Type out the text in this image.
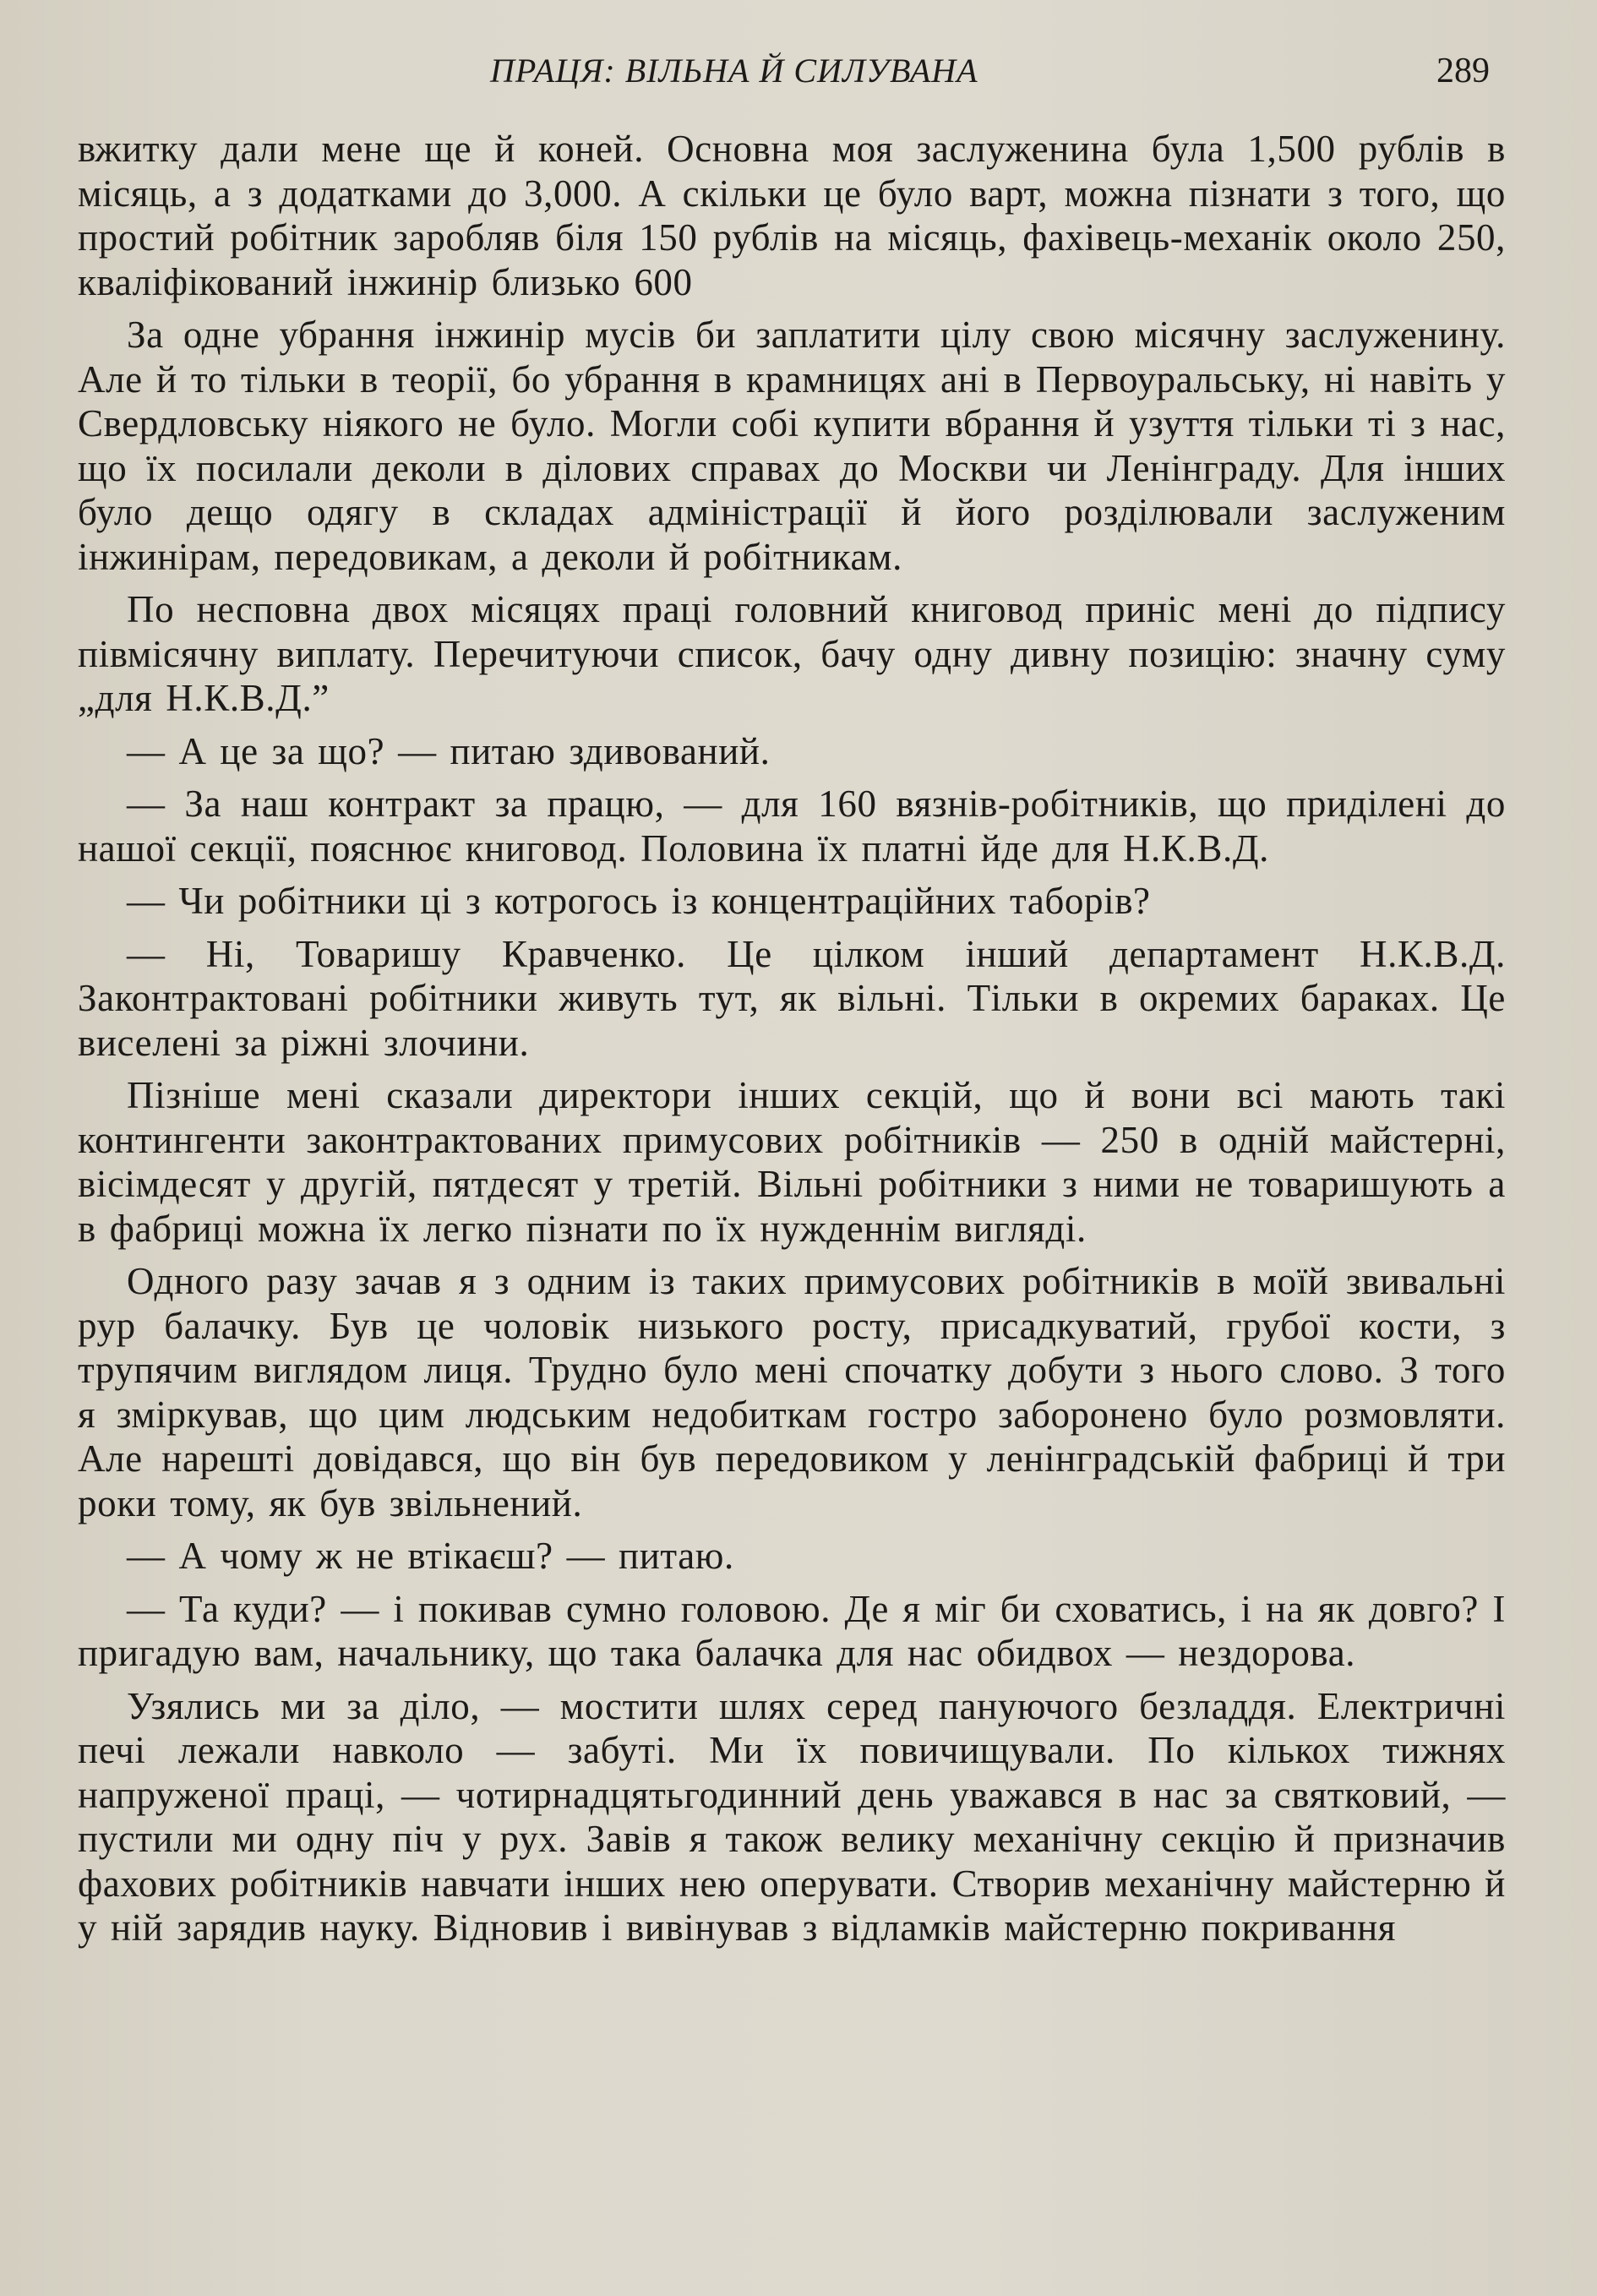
ПРАЦЯ: ВІЛЬНА Й СИЛУВАНА	289

вжитку дали мене ще й коней. Основна моя заслуженина була 1,500 рублів в місяць, а з додатками до 3,000. А скільки це було варт, можна пізнати з того, що простий робітник заробляв біля 150 рублів на місяць, фахівець-механік около 250, кваліфікований інжинір близько 600

За одне убрання інжинір мусів би заплатити цілу свою місячну заслуженину. Але й то тільки в теорії, бо убрання в крамницях ані в Первоуральську, ні навіть у Свердловську ніякого не було. Могли собі купити вбрання й узуття тільки ті з нас, що їх посилали деколи в ділових справах до Москви чи Ленінграду. Для інших було дещо одягу в складах адміністрації й його розділювали заслуженим інжинірам, передовикам, а деколи й робітникам.

По несповна двох місяцях праці головний книговод приніс мені до підпису півмісячну виплату. Перечитуючи список, бачу одну дивну позицію: значну суму „для Н.К.В.Д.”

— А це за що? — питаю здивований.

— За наш контракт за працю, — для 160 вязнів-робітників, що приділені до нашої секції, пояснює книговод. Половина їх платні йде для Н.К.В.Д.

— Чи робітники ці з котрогось із концентраційних таборів?

— Ні, Товаришу Кравченко. Це цілком інший департамент Н.К.В.Д. Законтрактовані робітники живуть тут, як вільні. Тільки в окремих бараках. Це виселені за ріжні злочини.

Пізніше мені сказали директори інших секцій, що й вони всі мають такі контингенти законтрактованих примусових робітників — 250 в одній майстерні, вісімдесят у другій, пятдесят у третій. Вільні робітники з ними не товаришують а в фабриці можна їх легко пізнати по їх нужденнім вигляді.

Одного разу зачав я з одним із таких примусових робітників в моїй звивальні рур балачку. Був це чоловік низького росту, присадкуватий, грубої кости, з трупячим виглядом лиця. Трудно було мені спочатку добути з нього слово. З того я зміркував, що цим людським недобиткам гостро заборонено було розмовляти. Але нарешті довідався, що він був передовиком у ленінградській фабриці й три роки тому, як був звільнений.

— А чому ж не втікаєш? — питаю.

— Та куди? — і покивав сумно головою. Де я міг би сховатись, і на як довго? І пригадую вам, начальнику, що така балачка для нас обидвох — нездорова.

Узялись ми за діло, — мостити шлях серед пануючого безладдя. Електричні печі лежали навколо — забуті. Ми їх повичищували. По кількох тижнях напруженої праці, — чотирнадцятьгодинний день уважався в нас за святковий, — пустили ми одну піч у рух. Завів я також велику механічну секцію й призначив фахових робітників навчати інших нею оперувати. Створив механічну майстерню й у ній зарядив науку. Відновив і вивінував з відламків майстерню покривання
